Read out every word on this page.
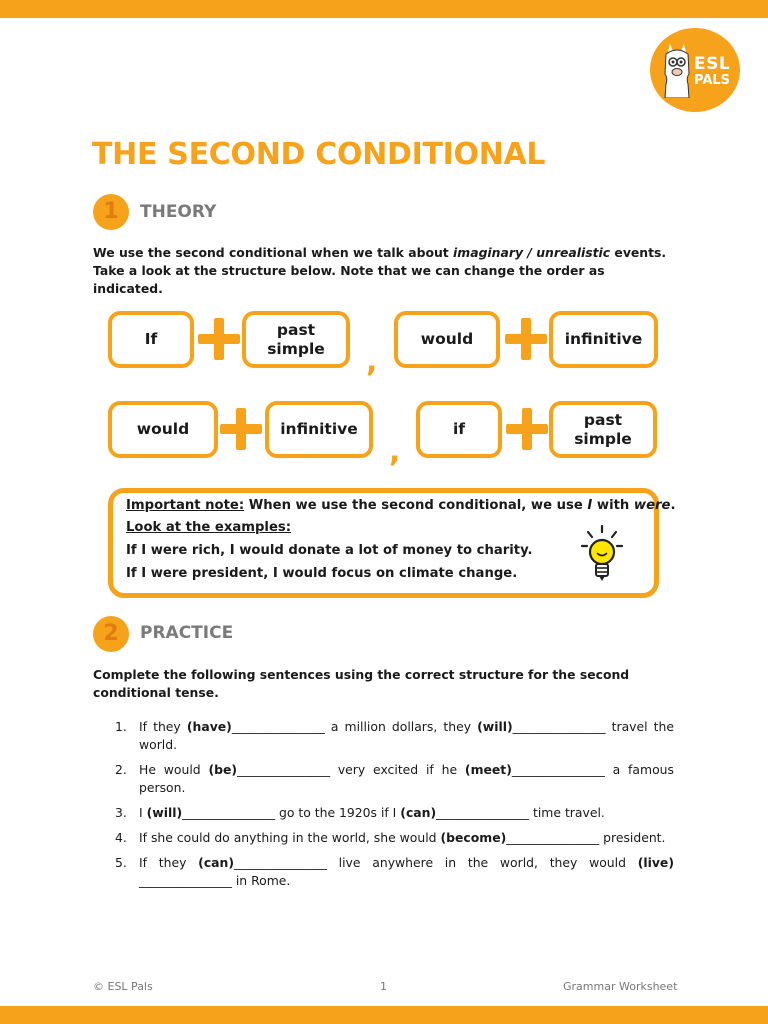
ESL
PALS
THE SECOND CONDITIONAL
1	THEORY
We use the second conditional when we talk about imaginary / unrealistic events. Take a look at the structure below. Note that we can change the order as indicated.
If
past simple	,
would	infinitive
would	infinitive
,
if
past simple
Important note: When we use the second conditional, we use I with were.
Look at the examples:
If I were rich, I would donate a lot of money to charity.
If I were president, I would focus on climate change.
2	PRACTICE
Complete the following sentences using the correct structure for the second conditional tense.
1. If they (have)_______________ a million dollars, they (will)_______________ travel the world.
2. He would (be)_______________ very excited if he (meet)_______________ a famous person.
3. I (will)_______________ go to the 1920s if I (can)_______________ time travel.
4. If she could do anything in the world, she would (become)_______________ president.
5. If they (can)_______________ live anywhere in the world, they would (live) _______________ in Rome.
© ESL Pals	1	Grammar Worksheet
